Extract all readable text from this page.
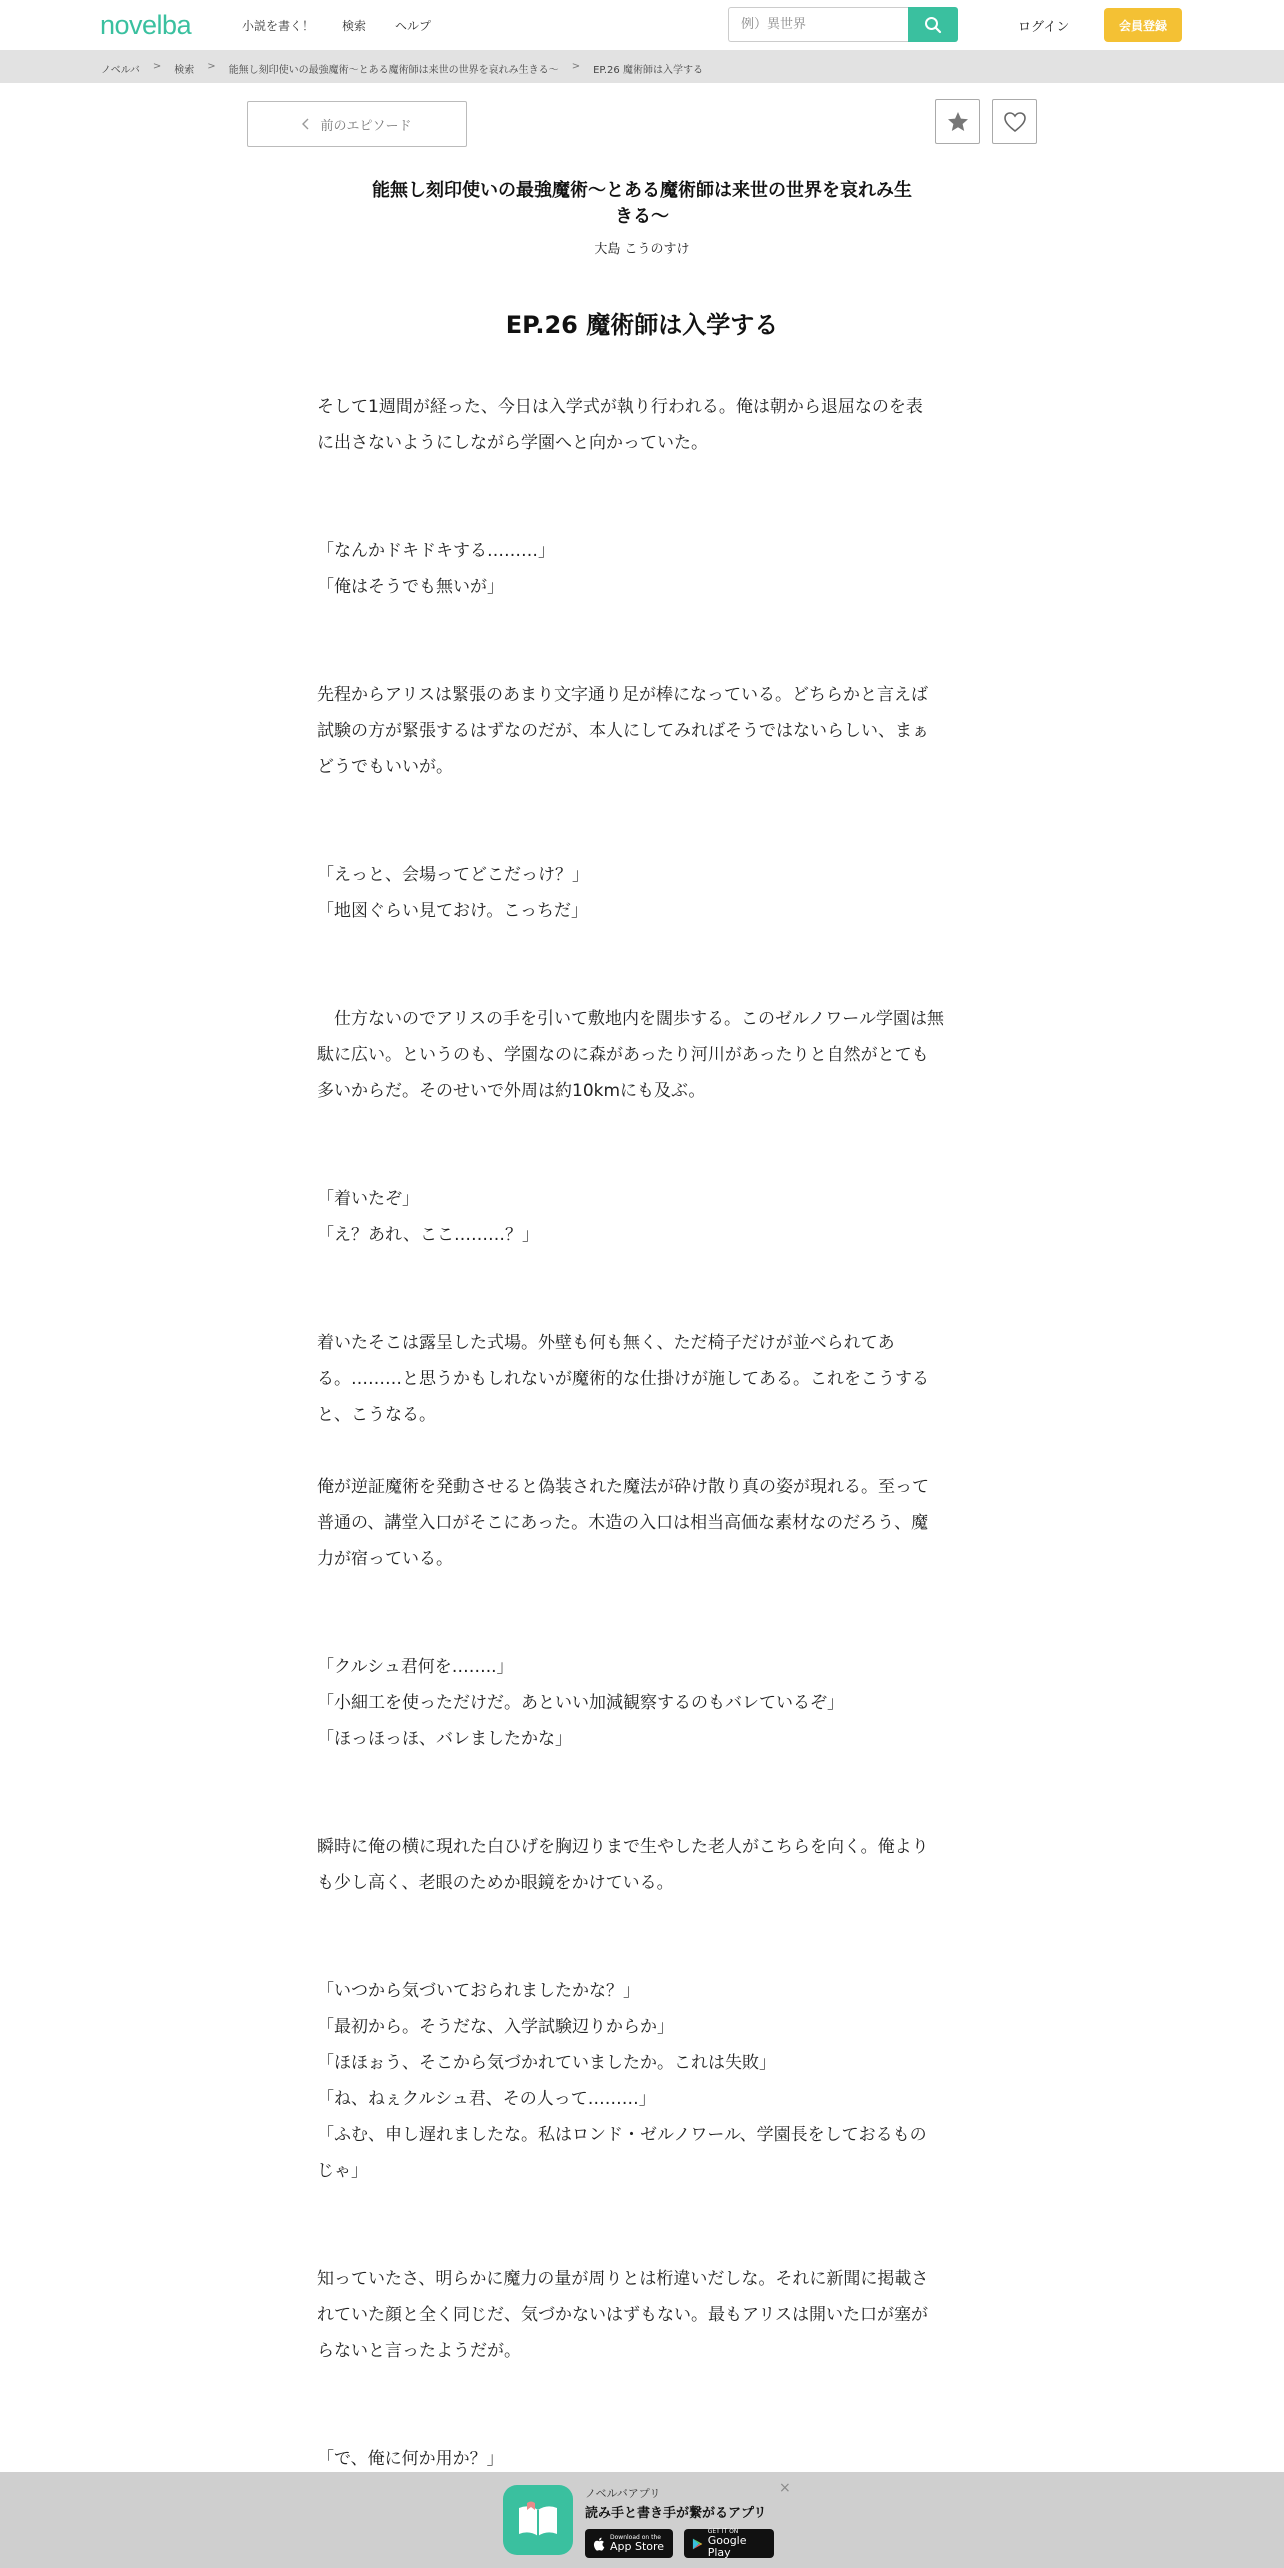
novelba	小説を書く！ 検索 ヘルプ
例）異世界	ログイン	会員登録
ノベルバ > 検索 > 能無し刻印使いの最強魔術〜とある魔術師は来世の世界を哀れみ生きる〜 > EP.26 魔術師は入学する
前のエピソード
能無し刻印使いの最強魔術〜とある魔術師は来世の世界を哀れみ生
きる〜
大島 こうのすけ
EP.26 魔術師は入学する

そして1週間が経った、今日は入学式が執り行われる。俺は朝から退屈なのを表
に出さないようにしながら学園へと向かっていた。

「なんかドキドキする………」
「俺はそうでも無いが」

先程からアリスは緊張のあまり文字通り足が棒になっている。どちらかと言えば
試験の方が緊張するはずなのだが、本人にしてみればそうではないらしい、まぁ
どうでもいいが。

「えっと、会場ってどこだっけ？」
「地図ぐらい見ておけ。こっちだ」

　仕方ないのでアリスの手を引いて敷地内を闊歩する。このゼルノワール学園は無
駄に広い。というのも、学園なのに森があったり河川があったりと自然がとても
多いからだ。そのせいで外周は約10kmにも及ぶ。

「着いたぞ」
「え？あれ、ここ………？」

着いたそこは露呈した式場。外壁も何も無く、ただ椅子だけが並べられてあ
る。………と思うかもしれないが魔術的な仕掛けが施してある。これをこうする
と、こうなる。

俺が逆証魔術を発動させると偽装された魔法が砕け散り真の姿が現れる。至って
普通の、講堂入口がそこにあった。木造の入口は相当高価な素材なのだろう、魔
力が宿っている。

「クルシュ君何を……..」
「小細工を使っただけだ。あといい加減観察するのもバレているぞ」
「ほっほっほ、バレましたかな」

瞬時に俺の横に現れた白ひげを胸辺りまで生やした老人がこちらを向く。俺より
も少し高く、老眼のためか眼鏡をかけている。

「いつから気づいておられましたかな？」
「最初から。そうだな、入学試験辺りからか」
「ほほぉう、そこから気づかれていましたか。これは失敗」
「ね、ねぇクルシュ君、その人って………」
「ふむ、申し遅れましたな。私はロンド・ゼルノワール、学園長をしておるもの
じゃ」

知っていたさ、明らかに魔力の量が周りとは桁違いだしな。それに新聞に掲載さ
れていた顔と全く同じだ、気づかないはずもない。最もアリスは開いた口が塞が
らないと言ったようだが。

「で、俺に何か用か？」

ノベルバアプリ
読み手と書き手が繋がるアプリ
×
Download on the
App Store
GET IT ON
Google Play
